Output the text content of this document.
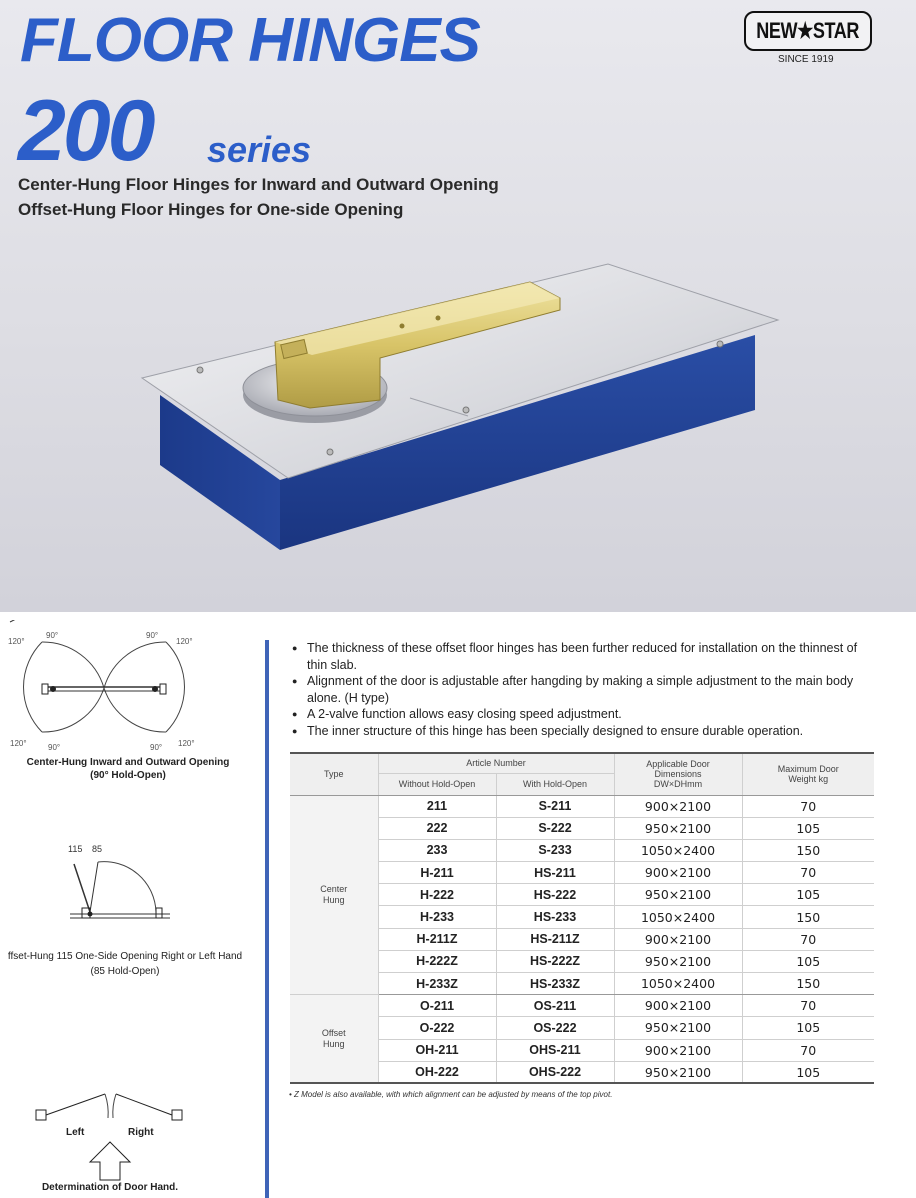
FLOOR HINGES
200 series
Center-Hung Floor Hinges for Inward and Outward Opening
Offset-Hung Floor Hinges for One-side Opening
NEW★STAR
SINCE 1919
120°
90°	90°
120°
120°	90°	90° 120°
Center-Hung Inward and Outward Opening
(90° Hold-Open)
115 85
ffset-Hung 115 One-Side Opening Right or Left Hand
(85 Hold-Open)
Left	Right
Determination of Door Hand.
● The thickness of these offset floor hinges has been further reduced for installation on the thinnest of thin slab.
● Alignment of the door is adjustable after hangding by making a simple adjustment to the main body alone. (H type)
● A 2-valve function allows easy closing speed adjustment.
● The inner structure of this hinge has been specially designed to ensure durable operation.
Type	Article Number		Applicable Door Dimensions DW×DHmm	Maximum Door Weight kg
	Without Hold-Open	With Hold-Open		
Center Hung	211	S-211	900×2100	70
	222	S-222	950×2100	105
	233	S-233	1050×2400	150
	H-211	HS-211	900×2100	70
	H-222	HS-222	950×2100	105
	H-233	HS-233	1050×2400	150
	H-211Z	HS-211Z	900×2100	70
	H-222Z	HS-222Z	950×2100	105
	H-233Z	HS-233Z	1050×2400	150
Offset Hung	O-211	OS-211	900×2100	70
	O-222	OS-222	950×2100	105
	OH-211	OHS-211	900×2100	70
	OH-222	OHS-222	950×2100	105
• Z Model is also available, with which alignment can be adjusted by means of the top pivot.
